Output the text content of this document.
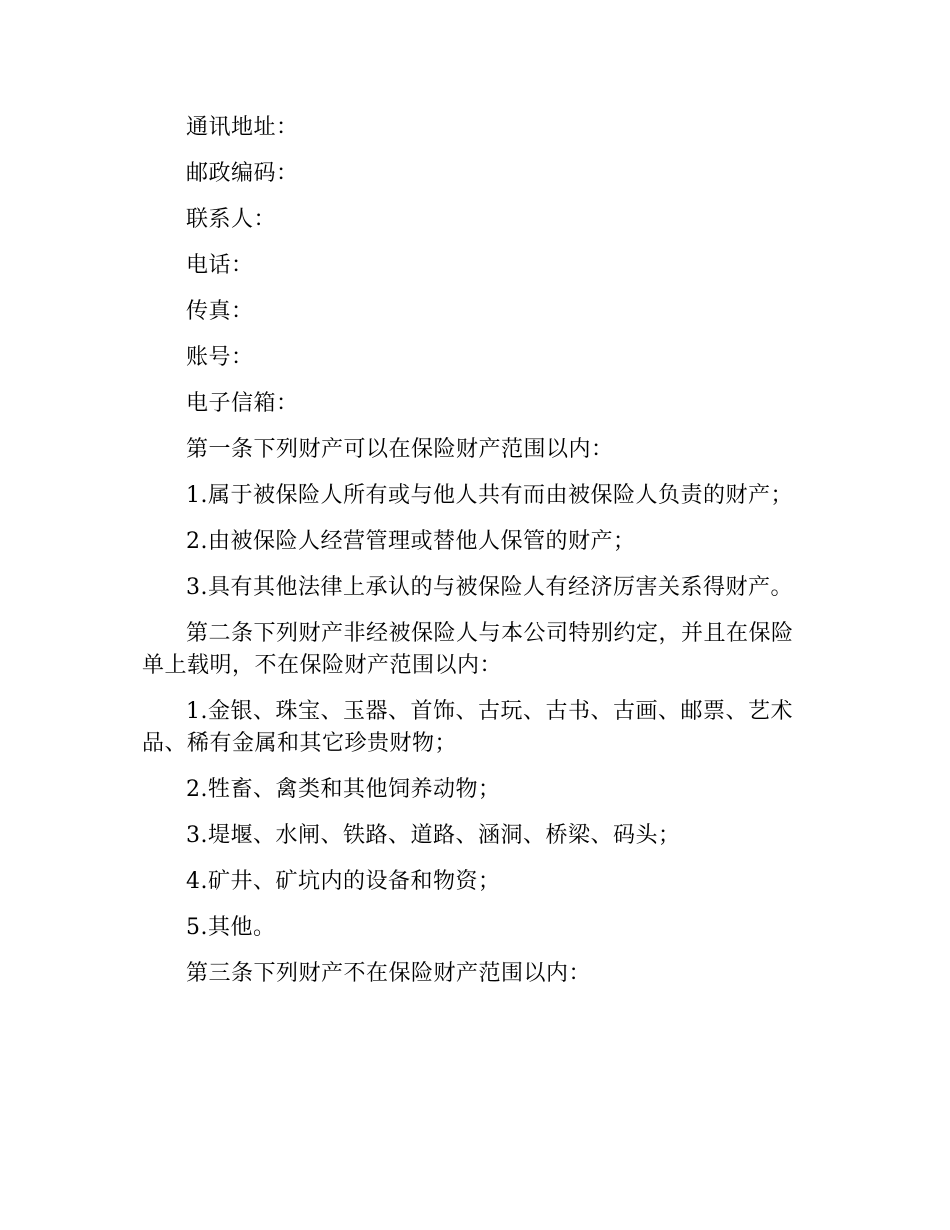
通讯地址：

邮政编码：

联系人：

电话：

传真：

账号：

电子信箱：

第一条下列财产可以在保险财产范围以内：

1.属于被保险人所有或与他人共有而由被保险人负责的财产；

2.由被保险人经营管理或替他人保管的财产；

3.具有其他法律上承认的与被保险人有经济厉害关系得财产。

第二条下列财产非经被保险人与本公司特别约定，并且在保险单上载明，不在保险财产范围以内：

1.金银、珠宝、玉器、首饰、古玩、古书、古画、邮票、艺术品、稀有金属和其它珍贵财物；

2.牲畜、禽类和其他饲养动物；

3.堤堰、水闸、铁路、道路、涵洞、桥梁、码头；

4.矿井、矿坑内的设备和物资；

5.其他。

第三条下列财产不在保险财产范围以内：
